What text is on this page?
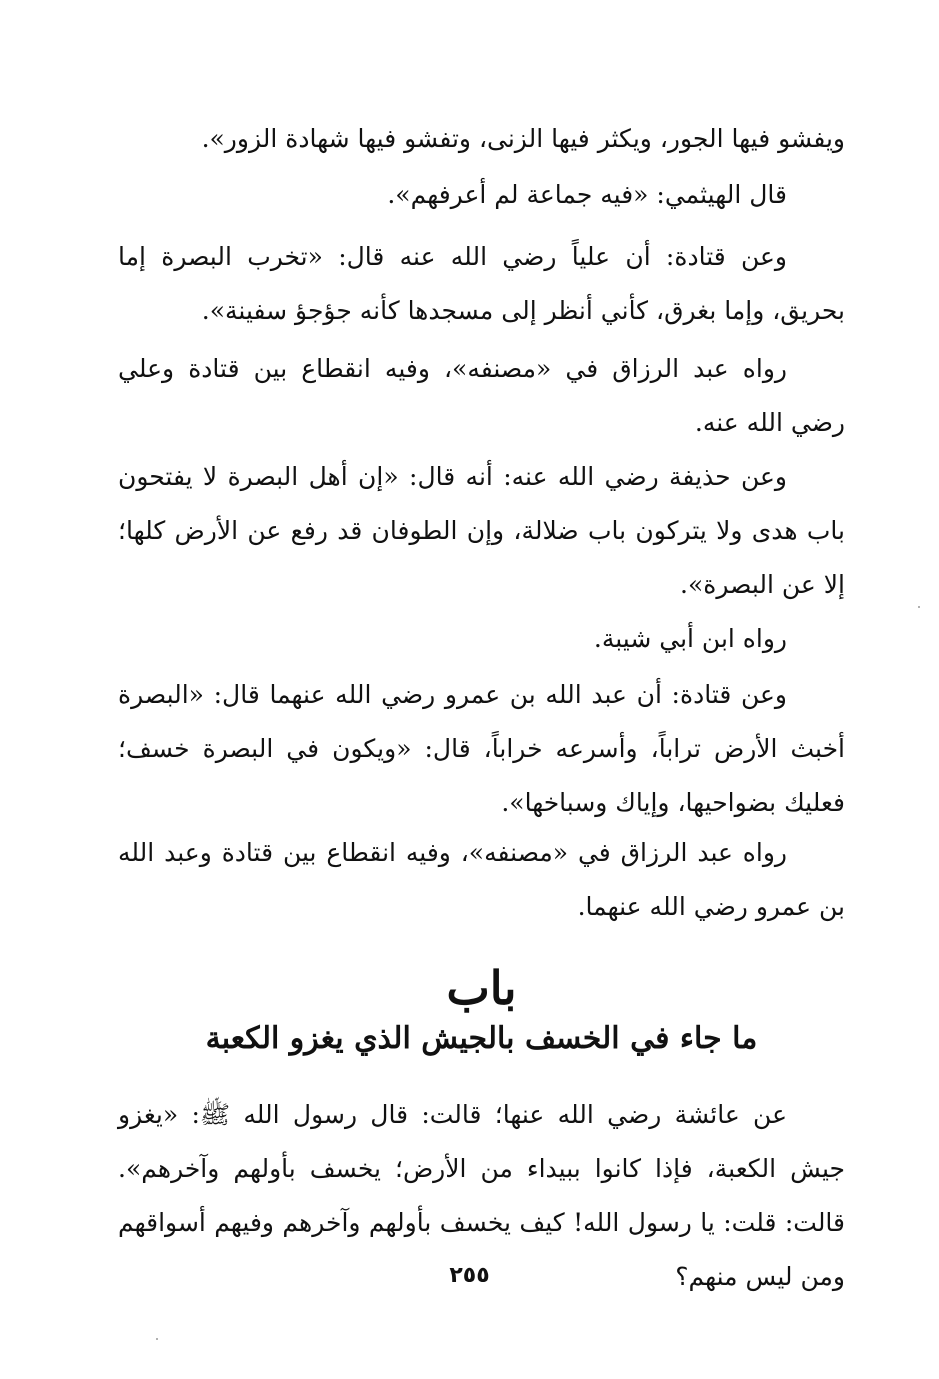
ويفشو فيها الجور، ويكثر فيها الزنى، وتفشو فيها شهادة الزور».

قال الهيثمي: «فيه جماعة لم أعرفهم».

وعن قتادة: أن علياً رضي الله عنه قال: «تخرب البصرة إما بحريق، وإما بغرق، كأني أنظر إلى مسجدها كأنه جؤجؤ سفينة».

رواه عبد الرزاق في «مصنفه»، وفيه انقطاع بين قتادة وعلي رضي الله عنه.

وعن حذيفة رضي الله عنه: أنه قال: «إن أهل البصرة لا يفتحون باب هدى ولا يتركون باب ضلالة، وإن الطوفان قد رفع عن الأرض كلها؛ إلا عن البصرة».

رواه ابن أبي شيبة.

وعن قتادة: أن عبد الله بن عمرو رضي الله عنهما قال: «البصرة أخبث الأرض تراباً، وأسرعه خراباً، قال: «ويكون في البصرة خسف؛ فعليك بضواحيها، وإياك وسباخها».

رواه عبد الرزاق في «مصنفه»، وفيه انقطاع بين قتادة وعبد الله بن عمرو رضي الله عنهما.

باب
ما جاء في الخسف بالجيش الذي يغزو الكعبة

عن عائشة رضي الله عنها؛ قالت: قال رسول الله ﷺ: «يغزو جيش الكعبة، فإذا كانوا ببيداء من الأرض؛ يخسف بأولهم وآخرهم». قالت: قلت: يا رسول الله! كيف يخسف بأولهم وآخرهم وفيهم أسواقهم ومن ليس منهم؟

٢٥٥
